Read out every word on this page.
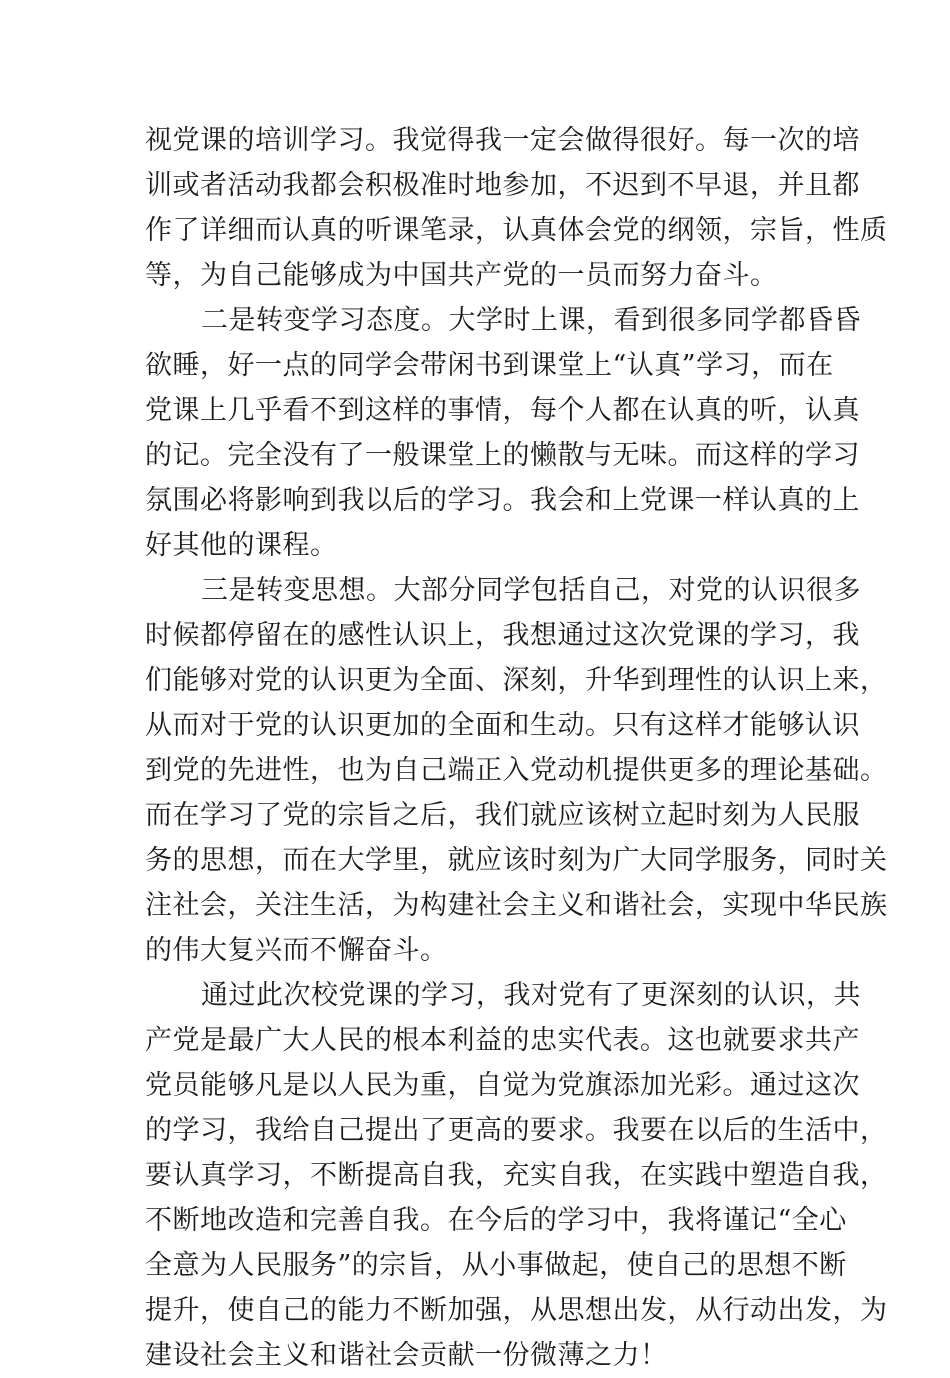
视党课的培训学习。我觉得我一定会做得很好。每一次的培
训或者活动我都会积极准时地参加，不迟到不早退，并且都
作了详细而认真的听课笔录，认真体会党的纲领，宗旨，性质
等，为自己能够成为中国共产党的一员而努力奋斗。
二是转变学习态度。大学时上课，看到很多同学都昏昏
欲睡，好一点的同学会带闲书到课堂上“认真”学习，而在
党课上几乎看不到这样的事情，每个人都在认真的听，认真
的记。完全没有了一般课堂上的懒散与无味。而这样的学习
氛围必将影响到我以后的学习。我会和上党课一样认真的上
好其他的课程。
三是转变思想。大部分同学包括自己，对党的认识很多
时候都停留在的感性认识上，我想通过这次党课的学习，我
们能够对党的认识更为全面、深刻，升华到理性的认识上来，
从而对于党的认识更加的全面和生动。只有这样才能够认识
到党的先进性，也为自己端正入党动机提供更多的理论基础。
而在学习了党的宗旨之后，我们就应该树立起时刻为人民服
务的思想，而在大学里，就应该时刻为广大同学服务，同时关
注社会，关注生活，为构建社会主义和谐社会，实现中华民族
的伟大复兴而不懈奋斗。
通过此次校党课的学习，我对党有了更深刻的认识，共
产党是最广大人民的根本利益的忠实代表。这也就要求共产
党员能够凡是以人民为重，自觉为党旗添加光彩。通过这次
的学习，我给自己提出了更高的要求。我要在以后的生活中，
要认真学习，不断提高自我，充实自我，在实践中塑造自我，
不断地改造和完善自我。在今后的学习中，我将谨记“全心
全意为人民服务”的宗旨，从小事做起，使自己的思想不断
提升，使自己的能力不断加强，从思想出发，从行动出发，为
建设社会主义和谐社会贡献一份微薄之力！
